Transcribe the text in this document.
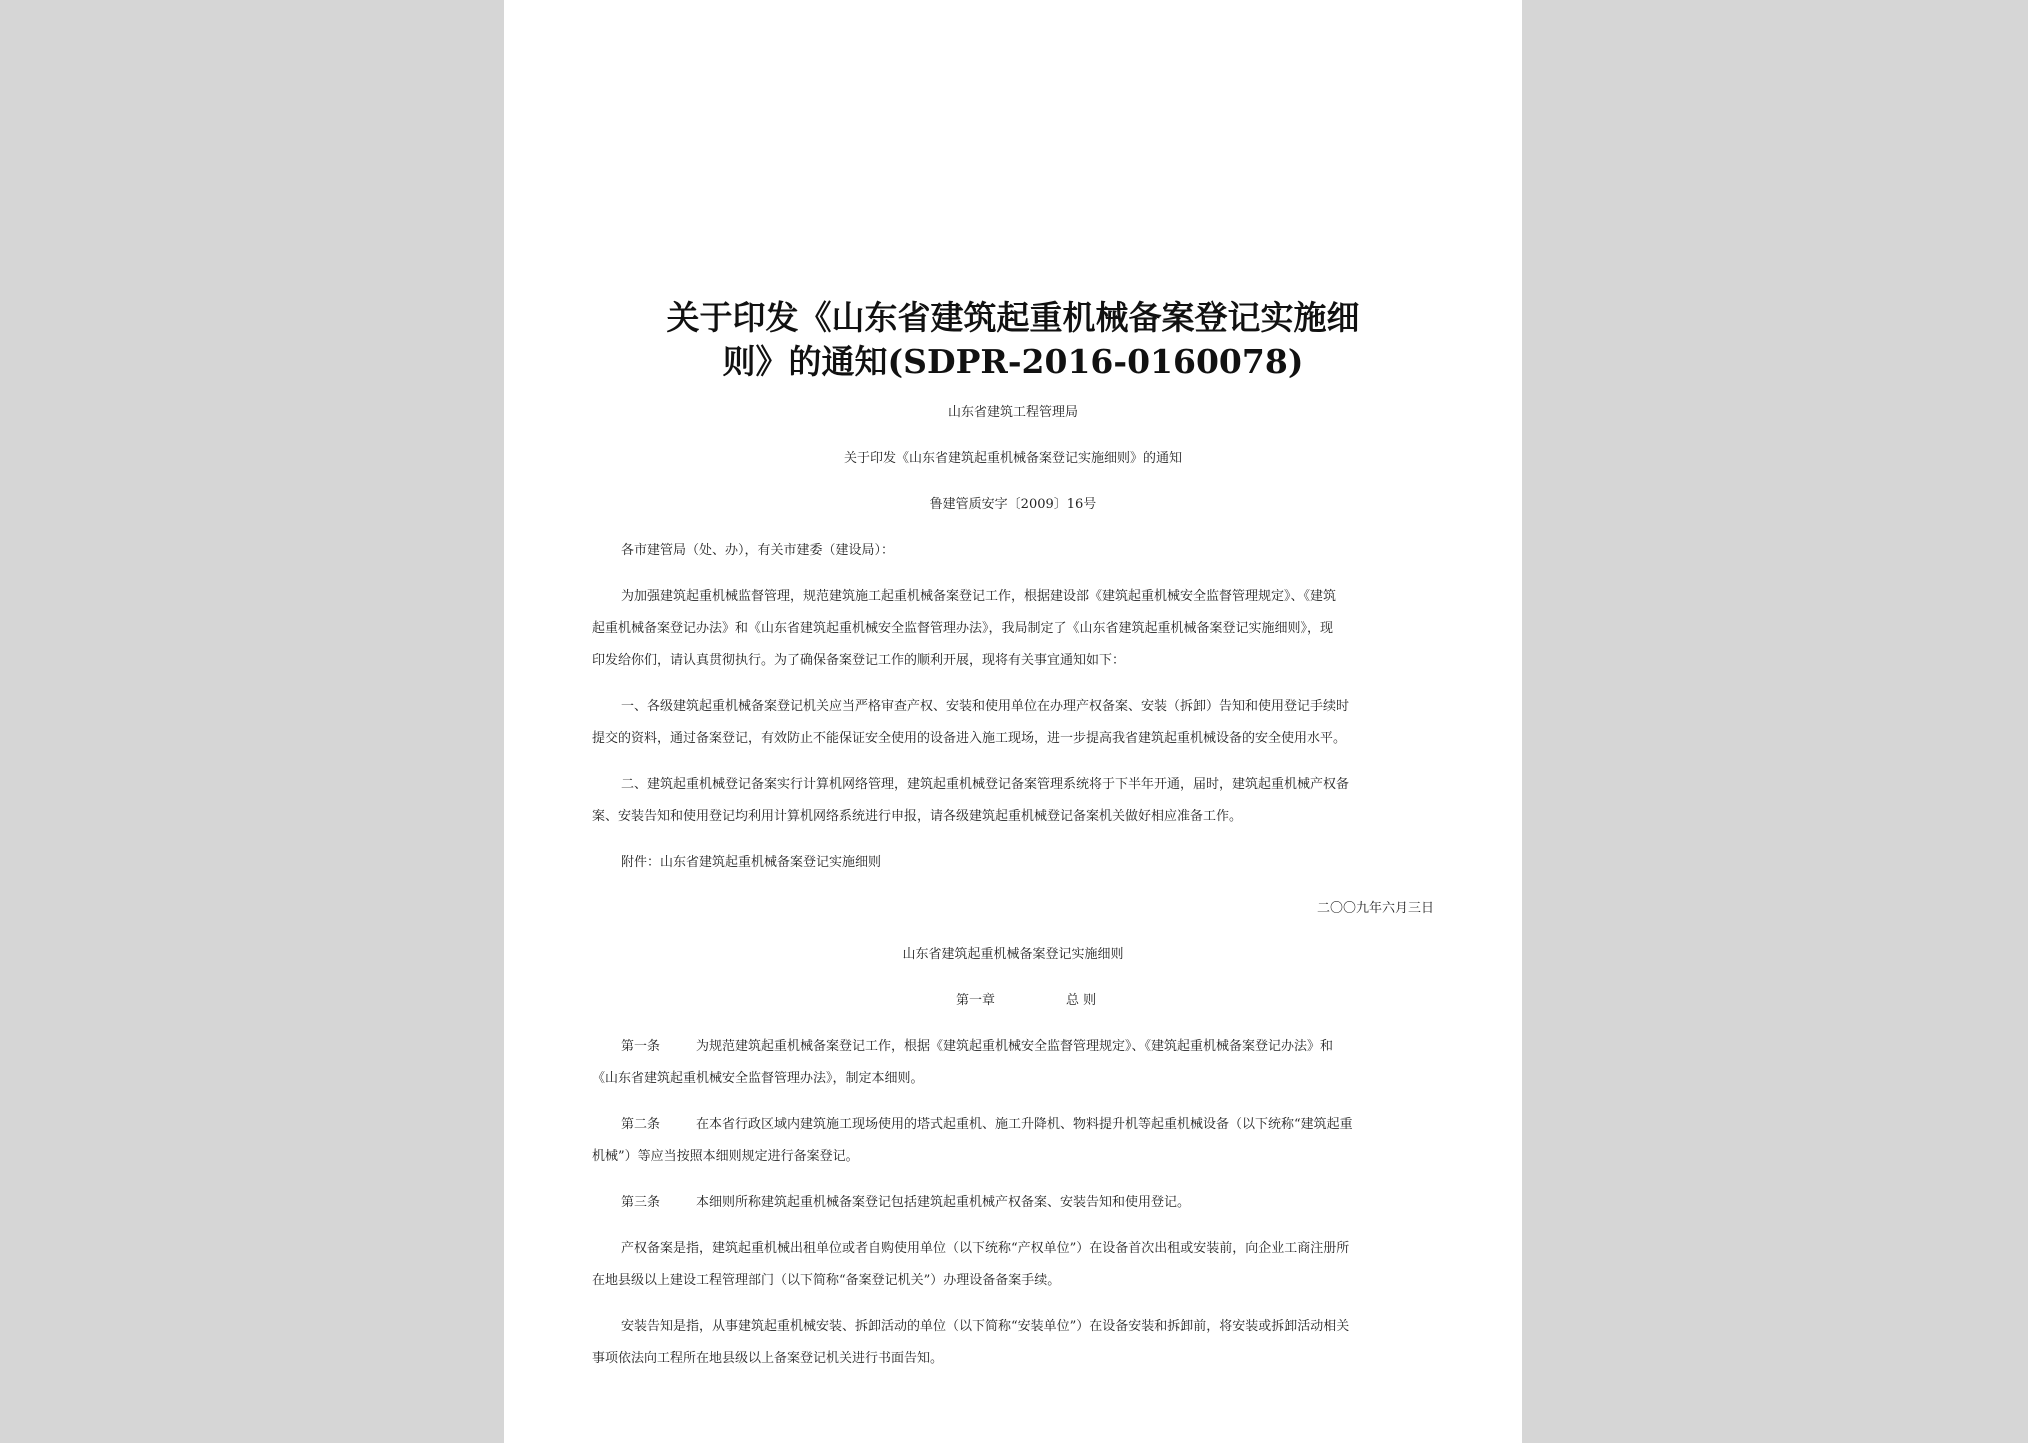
关于印发《山东省建筑起重机械备案登记实施细
则》的通知(SDPR-2016-0160078)
山东省建筑工程管理局
关于印发《山东省建筑起重机械备案登记实施细则》的通知
鲁建管质安字〔2009〕16号
各市建管局（处、办），有关市建委（建设局）：
为加强建筑起重机械监督管理，规范建筑施工起重机械备案登记工作，根据建设部《建筑起重机械安全监督管理规定》、《建筑
起重机械备案登记办法》和《山东省建筑起重机械安全监督管理办法》，我局制定了《山东省建筑起重机械备案登记实施细则》，现
印发给你们，请认真贯彻执行。为了确保备案登记工作的顺利开展，现将有关事宜通知如下：
一、各级建筑起重机械备案登记机关应当严格审查产权、安装和使用单位在办理产权备案、安装（拆卸）告知和使用登记手续时
提交的资料，通过备案登记，有效防止不能保证安全使用的设备进入施工现场，进一步提高我省建筑起重机械设备的安全使用水平。
二、建筑起重机械登记备案实行计算机网络管理，建筑起重机械登记备案管理系统将于下半年开通，届时，建筑起重机械产权备
案、安装告知和使用登记均利用计算机网络系统进行申报，请各级建筑起重机械登记备案机关做好相应准备工作。
附件：山东省建筑起重机械备案登记实施细则
二〇〇九年六月三日
山东省建筑起重机械备案登记实施细则
第一章	总 则
第一条	为规范建筑起重机械备案登记工作，根据《建筑起重机械安全监督管理规定》、《建筑起重机械备案登记办法》和
《山东省建筑起重机械安全监督管理办法》，制定本细则。
第二条	在本省行政区域内建筑施工现场使用的塔式起重机、施工升降机、物料提升机等起重机械设备（以下统称“建筑起重
机械”）等应当按照本细则规定进行备案登记。
第三条	本细则所称建筑起重机械备案登记包括建筑起重机械产权备案、安装告知和使用登记。
产权备案是指，建筑起重机械出租单位或者自购使用单位（以下统称“产权单位”）在设备首次出租或安装前，向企业工商注册所
在地县级以上建设工程管理部门（以下简称“备案登记机关”）办理设备备案手续。
安装告知是指，从事建筑起重机械安装、拆卸活动的单位（以下简称“安装单位”）在设备安装和拆卸前，将安装或拆卸活动相关
事项依法向工程所在地县级以上备案登记机关进行书面告知。
